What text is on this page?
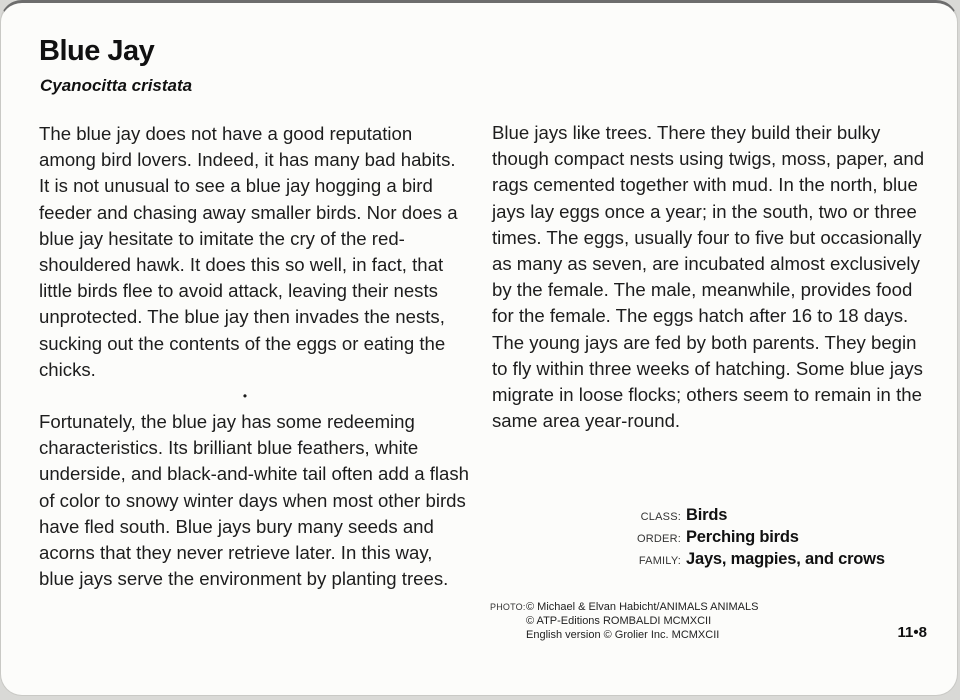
Blue Jay
Cyanocitta cristata

The blue jay does not have a good reputation among bird lovers. Indeed, it has many bad habits. It is not unusual to see a blue jay hogging a bird feeder and chasing away smaller birds. Nor does a blue jay hesitate to imitate the cry of the red-shouldered hawk. It does this so well, in fact, that little birds flee to avoid attack, leaving their nests unprotected. The blue jay then invades the nests, sucking out the contents of the eggs or eating the chicks.

•

Fortunately, the blue jay has some redeeming characteristics. Its brilliant blue feathers, white underside, and black-and-white tail often add a flash of color to snowy winter days when most other birds have fled south. Blue jays bury many seeds and acorns that they never retrieve later. In this way, blue jays serve the environment by planting trees.

Blue jays like trees. There they build their bulky though compact nests using twigs, moss, paper, and rags cemented together with mud. In the north, blue jays lay eggs once a year; in the south, two or three times. The eggs, usually four to five but occasionally as many as seven, are incubated almost exclusively by the female. The male, meanwhile, provides food for the female. The eggs hatch after 16 to 18 days. The young jays are fed by both parents. They begin to fly within three weeks of hatching. Some blue jays migrate in loose flocks; others seem to remain in the same area year-round.

CLASS: Birds
ORDER: Perching birds
FAMILY: Jays, magpies, and crows
PHOTO: © Michael & Elvan Habicht/ANIMALS ANIMALS
© ATP-Editions ROMBALDI MCMXCII
English version © Grolier Inc. MCMXCII	11•8
